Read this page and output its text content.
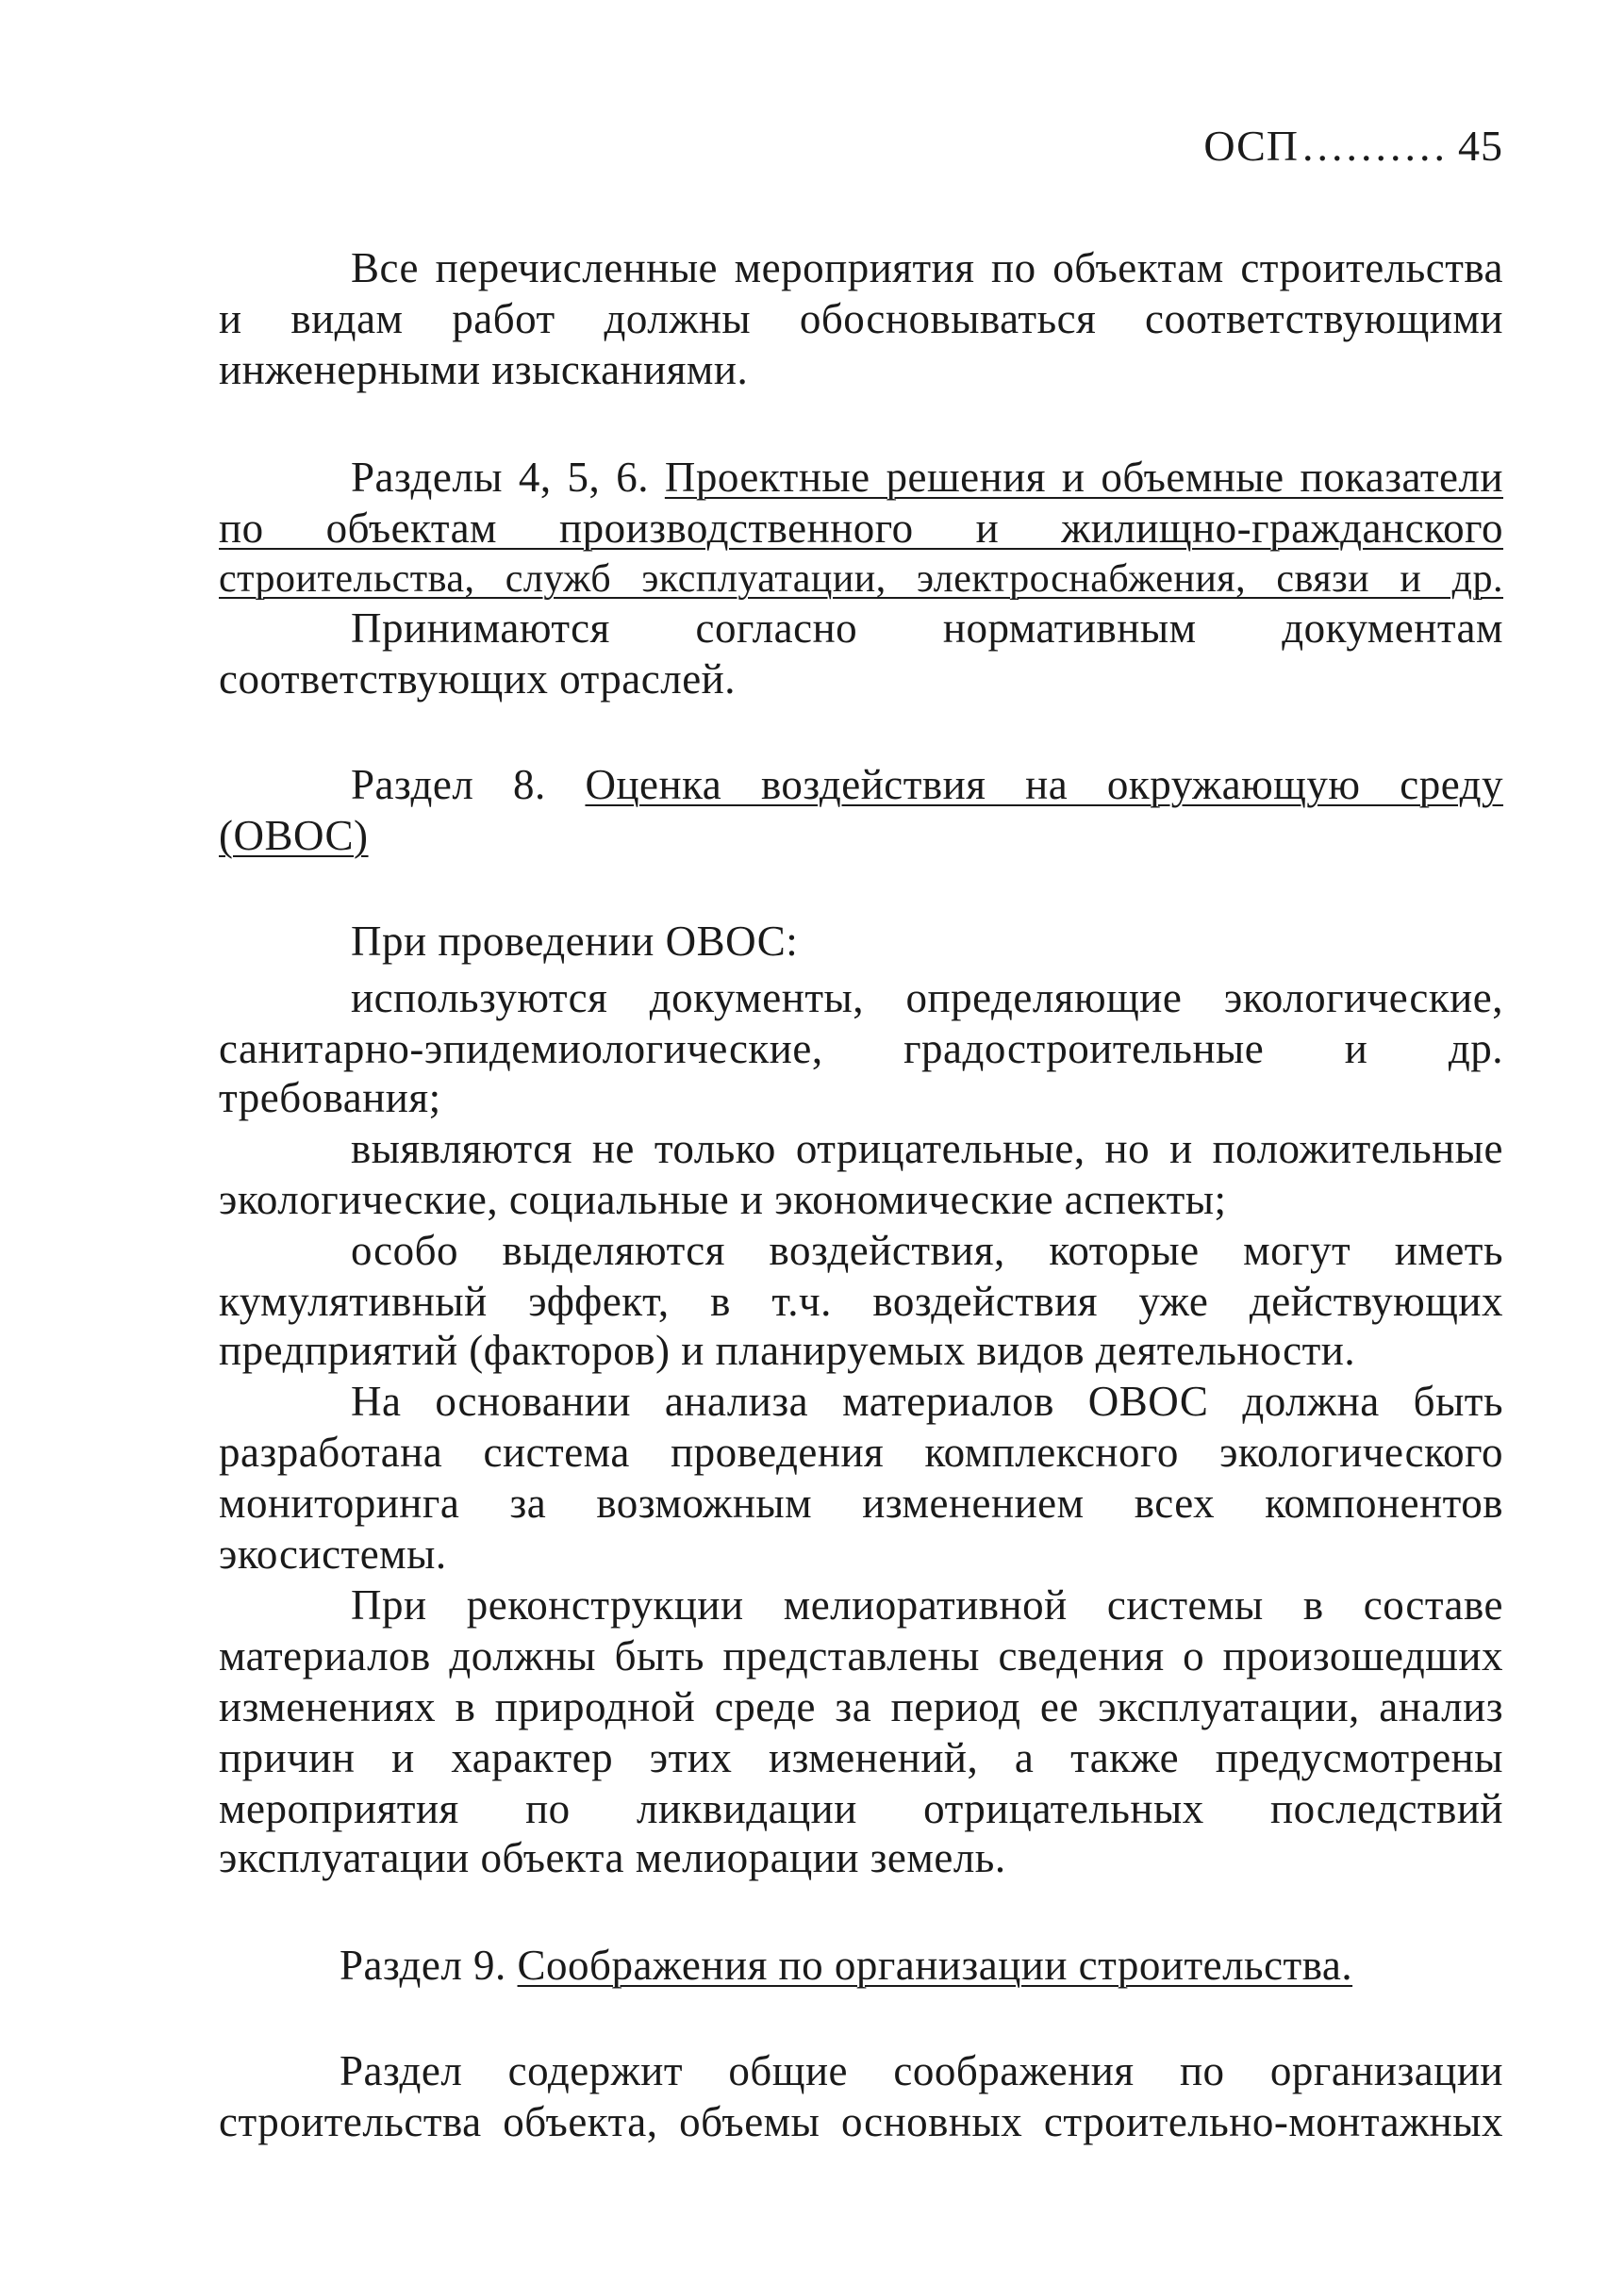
ОСП.......... 45
Все перечисленные мероприятия по объектам строительства
и видам работ должны обосновываться соответствующими
инженерными изысканиями.
Разделы 4, 5, 6. Проектные решения и объемные показатели
по объектам производственного и жилищно-гражданского
строительства, служб эксплуатации, электроснабжения, связи и др.
Принимаются согласно нормативным документам
соответствующих отраслей.
Раздел 8. Оценка воздействия на окружающую среду
(ОВОС)
При проведении ОВОС:
используются документы, определяющие экологические,
санитарно-эпидемиологические, градостроительные и др.
требования;
выявляются не только отрицательные, но и положительные
экологические, социальные и экономические аспекты;
особо выделяются воздействия, которые могут иметь
кумулятивный эффект, в т.ч. воздействия уже действующих
предприятий (факторов) и планируемых видов деятельности.
На основании анализа материалов ОВОС должна быть
разработана система проведения комплексного экологического
мониторинга за возможным изменением всех компонентов
экосистемы.
При реконструкции мелиоративной системы в составе
материалов должны быть представлены сведения о произошедших
изменениях в природной среде за период ее эксплуатации, анализ
причин и характер этих изменений, а также предусмотрены
мероприятия по ликвидации отрицательных последствий
эксплуатации объекта мелиорации земель.
Раздел 9. Соображения по организации строительства.
Раздел содержит общие соображения по организации
строительства объекта, объемы основных строительно-монтажных
